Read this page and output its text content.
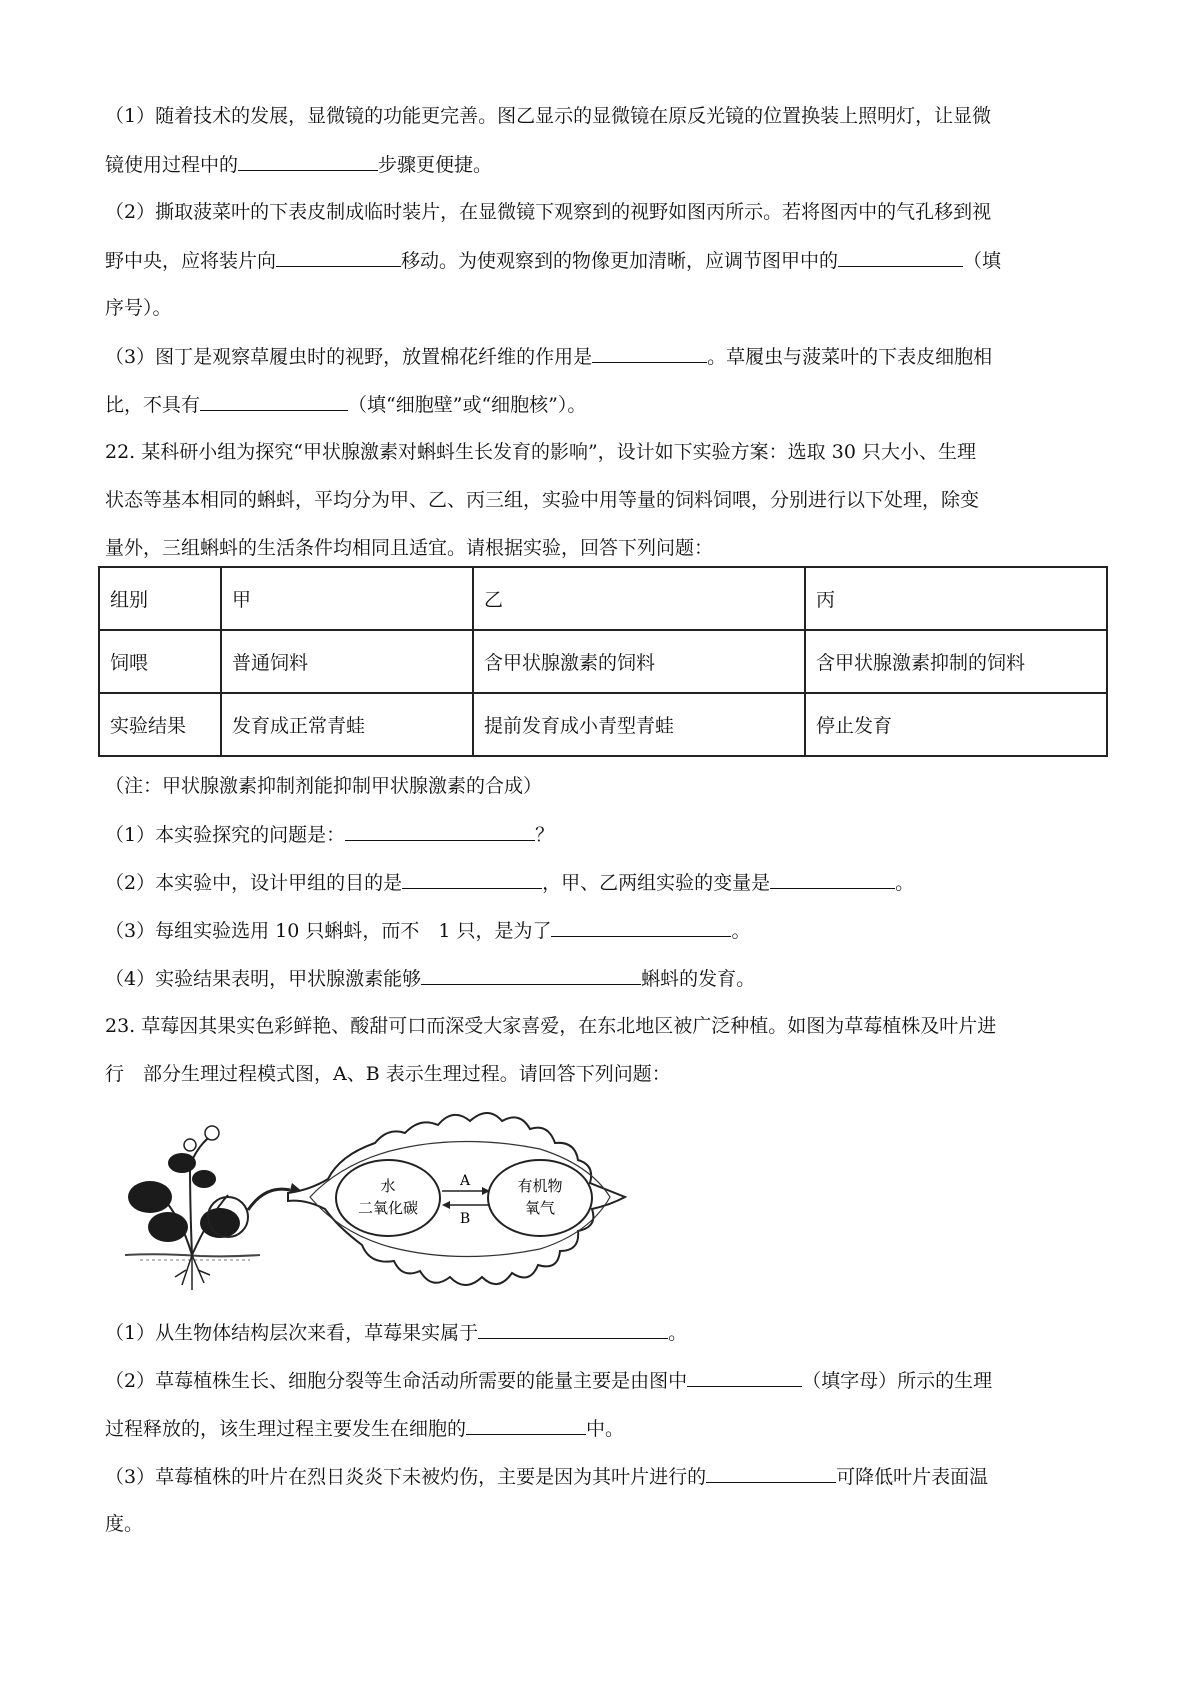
（1）随着技术的发展，显微镜的功能更完善。图乙显示的显微镜在原反光镜的位置换装上照明灯，让显微
镜使用过程中的	步骤更便捷。
（2）撕取菠菜叶的下表皮制成临时装片，在显微镜下观察到的视野如图丙所示。若将图丙中的气孔移到视
野中央，应将装片向	移动。为使观察到的物像更加清晰，应调节图甲中的	（填
序号）。
（3）图丁是观察草履虫时的视野，放置棉花纤维的作用是	。草履虫与菠菜叶的下表皮细胞相
比，不具有	（填“细胞壁”或“细胞核”）。
22. 某科研小组为探究“甲状腺激素对蝌蚪生长发育的影响”，设计如下实验方案：选取 30 只大小、生理
状态等基本相同的蝌蚪，平均分为甲、乙、丙三组，实验中用等量的饲料饲喂，分别进行以下处理，除变
量外，三组蝌蚪的生活条件均相同且适宜。请根据实验，回答下列问题：
组别	甲	乙	丙
饲喂	普通饲料	含甲状腺激素的饲料	含甲状腺激素抑制的饲料
实验结果	发育成正常青蛙	提前发育成小青型青蛙	停止发育
（注：甲状腺激素抑制剂能抑制甲状腺激素的合成）
（1）本实验探究的问题是：	？
（2）本实验中，设计甲组的目的是	，甲、乙两组实验的变量是	。
（3）每组实验选用 10 只蝌蚪，而不　1 只，是为了	。
（4）实验结果表明，甲状腺激素能够	蝌蚪的发育。
23. 草莓因其果实色彩鲜艳、酸甜可口而深受大家喜爱，在东北地区被广泛种植。如图为草莓植株及叶片进
行　部分生理过程模式图，A、B 表示生理过程。请回答下列问题：
水
二氧化碳
有机物
氧气
A
B
（1）从生物体结构层次来看，草莓果实属于	。
（2）草莓植株生长、细胞分裂等生命活动所需要的能量主要是由图中	（填字母）所示的生理
过程释放的，该生理过程主要发生在细胞的	中。
（3）草莓植株的叶片在烈日炎炎下未被灼伤，主要是因为其叶片进行的	可降低叶片表面温
度。
